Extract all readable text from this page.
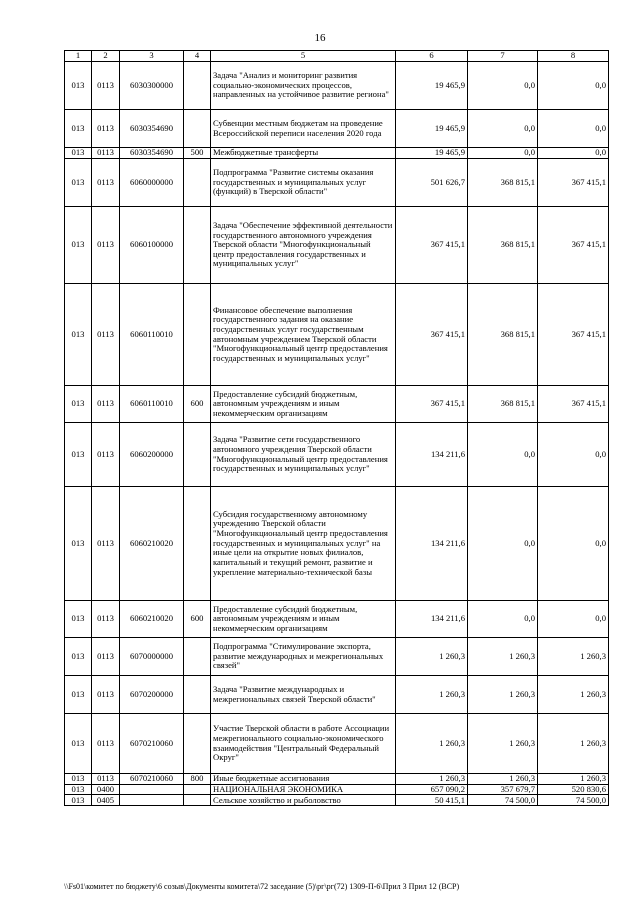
16
1	2	3	4	5	6	7	8
013	0113	6030300000		Задача "Анализ и мониторинг развития социально-экономических процессов, направленных на устойчивое развитие региона"	19 465,9	0,0	0,0
013	0113	6030354690		Субвенции местным бюджетам на проведение Всероссийской переписи населения 2020 года	19 465,9	0,0	0,0
013	0113	6030354690	500	Межбюджетные трансферты	19 465,9	0,0	0,0
013	0113	6060000000		Подпрограмма "Развитие системы оказания государственных и муниципальных услуг (функций) в Тверской области"	501 626,7	368 815,1	367 415,1
013	0113	6060100000		Задача "Обеспечение эффективной деятельности государственного автономного учреждения Тверской области "Многофункциональный центр предоставления государственных и муниципальных услуг"	367 415,1	368 815,1	367 415,1
013	0113	6060110010		Финансовое обеспечение выполнения государственного задания на оказание государственных услуг государственным автономным учреждением Тверской области "Многофункциональный центр предоставления государственных и муниципальных услуг"	367 415,1	368 815,1	367 415,1
013	0113	6060110010	600	Предоставление субсидий бюджетным, автономным учреждениям и иным некоммерческим организациям	367 415,1	368 815,1	367 415,1
013	0113	6060200000		Задача "Развитие сети государственного автономного учреждения Тверской области "Многофункциональный центр предоставления государственных и муниципальных услуг"	134 211,6	0,0	0,0
013	0113	6060210020		Субсидия государственному автономному учреждению Тверской области "Многофункциональный центр предоставления государственных и муниципальных услуг" на иные цели на открытие новых филиалов, капитальный и текущий ремонт, развитие и укрепление материально-технической базы	134 211,6	0,0	0,0
013	0113	6060210020	600	Предоставление субсидий бюджетным, автономным учреждениям и иным некоммерческим организациям	134 211,6	0,0	0,0
013	0113	6070000000		Подпрограмма "Стимулирование экспорта, развитие международных и межрегиональных связей"	1 260,3	1 260,3	1 260,3
013	0113	6070200000		Задача "Развитие международных и межрегиональных связей Тверской области"	1 260,3	1 260,3	1 260,3
013	0113	6070210060		Участие Тверской области в работе Ассоциации межрегионального социально-экономического взаимодействия "Центральный Федеральный Округ"	1 260,3	1 260,3	1 260,3
013	0113	6070210060	800	Иные бюджетные ассигнования	1 260,3	1 260,3	1 260,3
013	0400			НАЦИОНАЛЬНАЯ ЭКОНОМИКА	657 090,2	357 679,7	520 830,6
013	0405			Сельское хозяйство и рыболовство	50 415,1	74 500,0	74 500,0
\\Fs01\комитет по бюджету\6 созыв\Документы комитета\72 заседание (5)\рг\рг(72) 1309-П-6\Прил 3 Прил 12 (ВСР)
